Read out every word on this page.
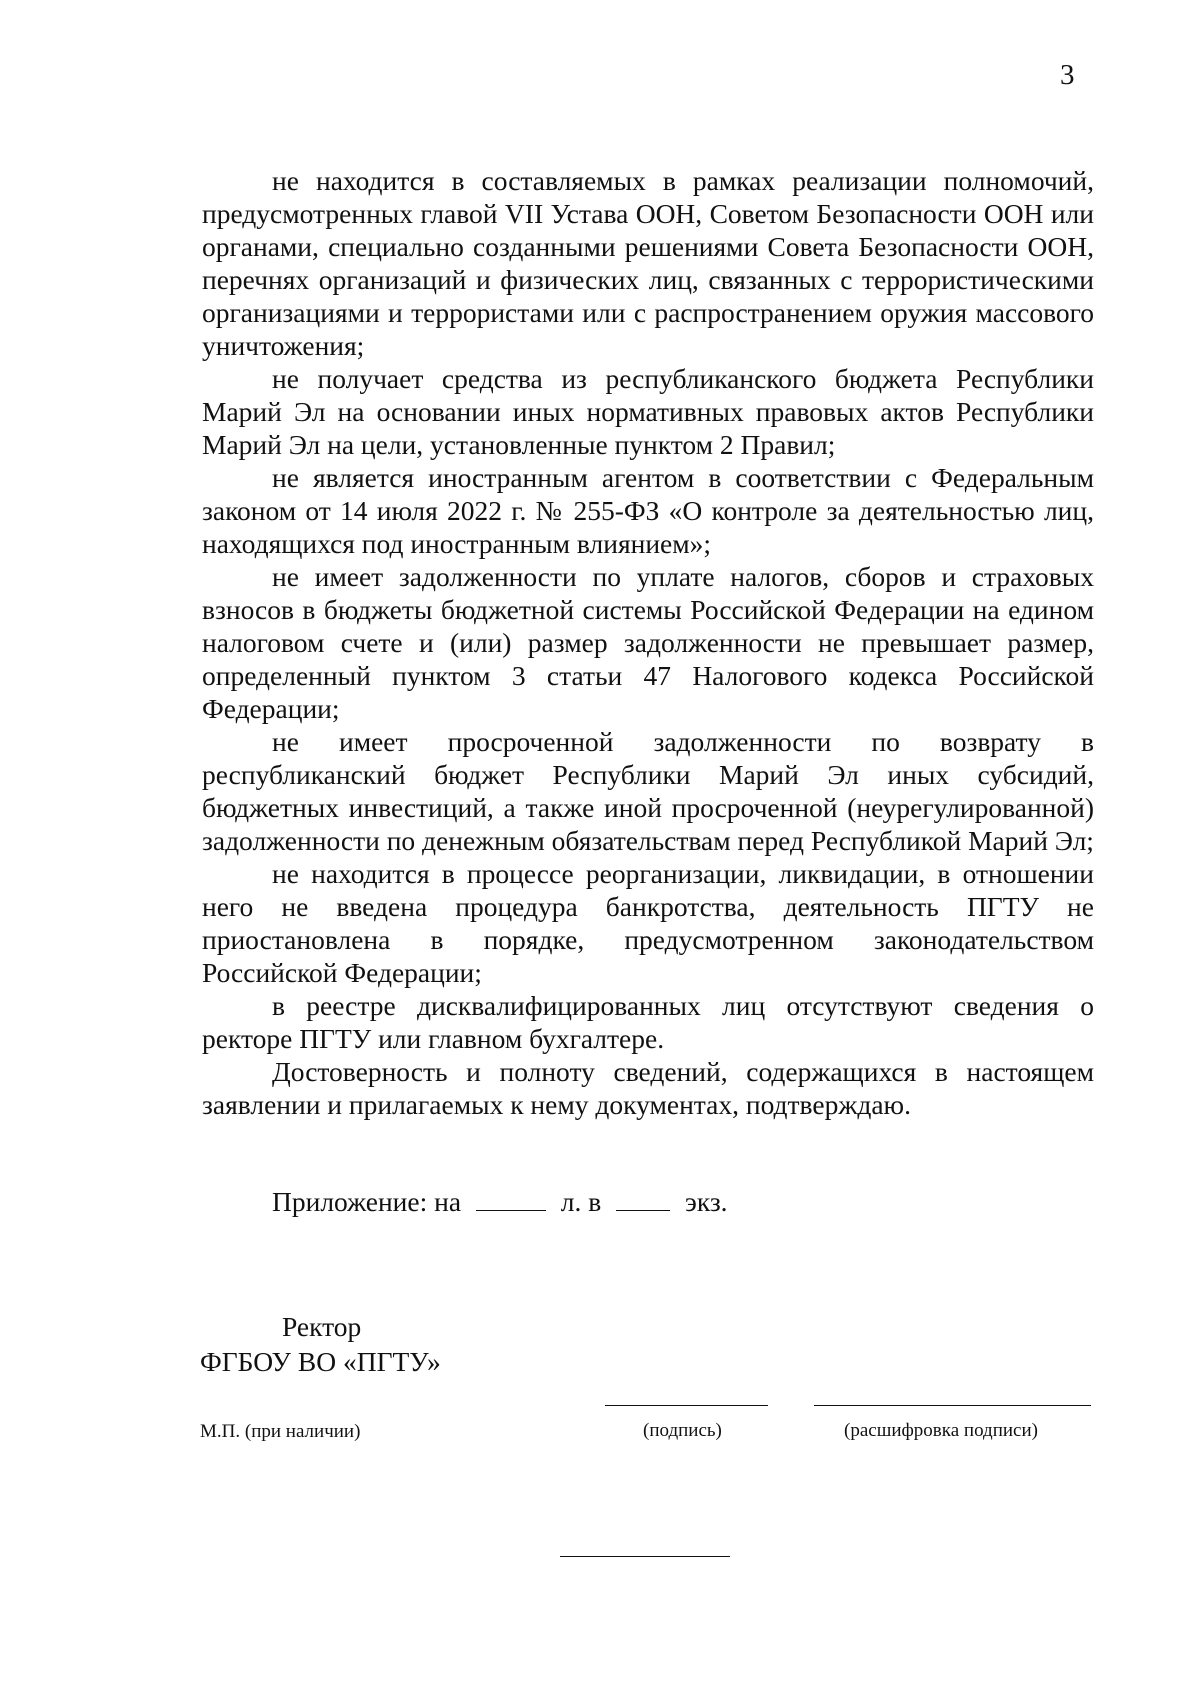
3

не находится в составляемых в рамках реализации полномочий, предусмотренных главой VII Устава ООН, Советом Безопасности ООН или органами, специально созданными решениями Совета Безопасности ООН, перечнях организаций и физических лиц, связанных с террористическими организациями и террористами или с распространением оружия массового уничтожения;

не получает средства из республиканского бюджета Республики Марий Эл на основании иных нормативных правовых актов Республики Марий Эл на цели, установленные пунктом 2 Правил;

не является иностранным агентом в соответствии с Федеральным законом от 14 июля 2022 г. № 255-ФЗ «О контроле за деятельностью лиц, находящихся под иностранным влиянием»;

не имеет задолженности по уплате налогов, сборов и страховых взносов в бюджеты бюджетной системы Российской Федерации на едином налоговом счете и (или) размер задолженности не превышает размер, определенный пунктом 3 статьи 47 Налогового кодекса Российской Федерации;

не имеет просроченной задолженности по возврату в республиканский бюджет Республики Марий Эл иных субсидий, бюджетных инвестиций, а также иной просроченной (неурегулированной) задолженности по денежным обязательствам перед Республикой Марий Эл;

не находится в процессе реорганизации, ликвидации, в отношении него не введена процедура банкротства, деятельность ПГТУ не приостановлена в порядке, предусмотренном законодательством Российской Федерации;

в реестре дисквалифицированных лиц отсутствуют сведения о ректоре ПГТУ или главном бухгалтере.

Достоверность и полноту сведений, содержащихся в настоящем заявлении и прилагаемых к нему документах, подтверждаю.

Приложение: на	л. в	экз.
Ректор
ФГБОУ ВО «ПГТУ»
М.П. (при наличии)	(подпись)	(расшифровка подписи)
